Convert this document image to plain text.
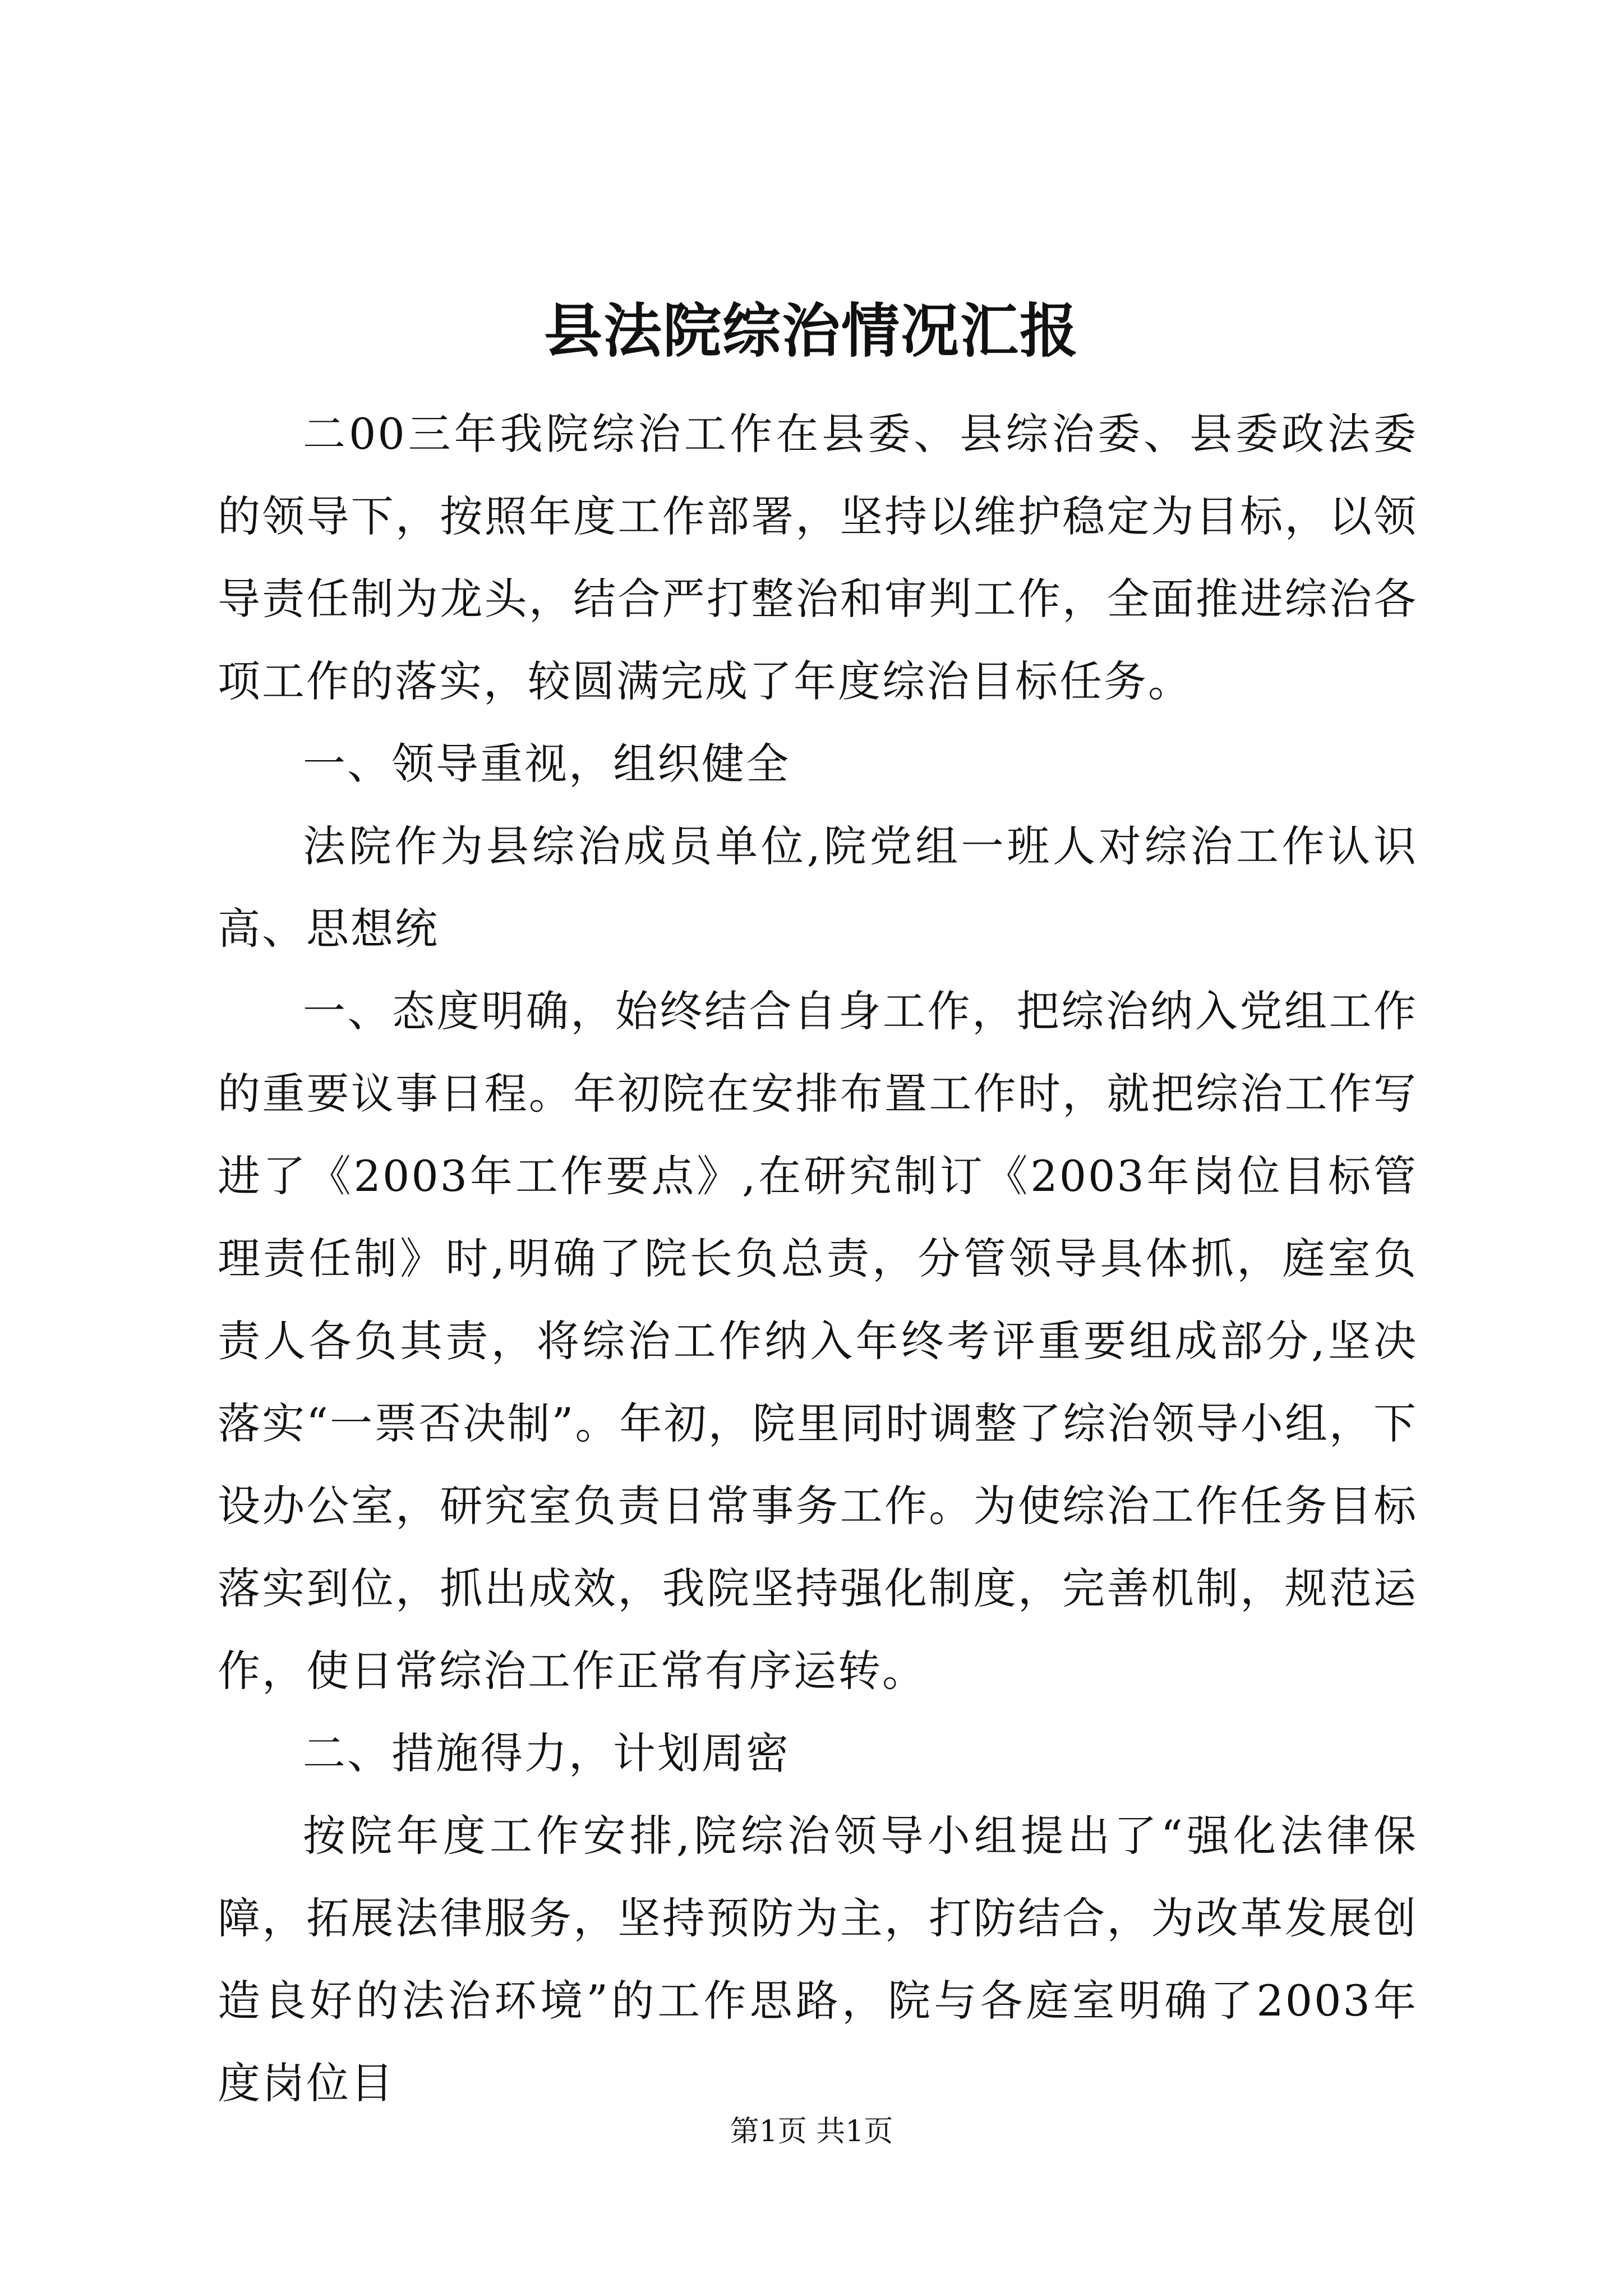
县法院综治情况汇报

二00三年我院综治工作在县委、县综治委、县委政法委的领导下，按照年度工作部署，坚持以维护稳定为目标，以领导责任制为龙头，结合严打整治和审判工作，全面推进综治各项工作的落实，较圆满完成了年度综治目标任务。

一、领导重视，组织健全

法院作为县综治成员单位,院党组一班人对综治工作认识高、思想统

一、态度明确，始终结合自身工作，把综治纳入党组工作的重要议事日程。年初院在安排布置工作时，就把综治工作写进了《2003年工作要点》,在研究制订《2003年岗位目标管理责任制》时,明确了院长负总责，分管领导具体抓，庭室负责人各负其责，将综治工作纳入年终考评重要组成部分,坚决落实“一票否决制”。年初，院里同时调整了综治领导小组，下设办公室，研究室负责日常事务工作。为使综治工作任务目标落实到位，抓出成效，我院坚持强化制度，完善机制，规范运作，使日常综治工作正常有序运转。

二、措施得力，计划周密

按院年度工作安排,院综治领导小组提出了“强化法律保障，拓展法律服务，坚持预防为主，打防结合，为改革发展创造良好的法治环境”的工作思路，院与各庭室明确了2003年度岗位目

第1页 共1页
